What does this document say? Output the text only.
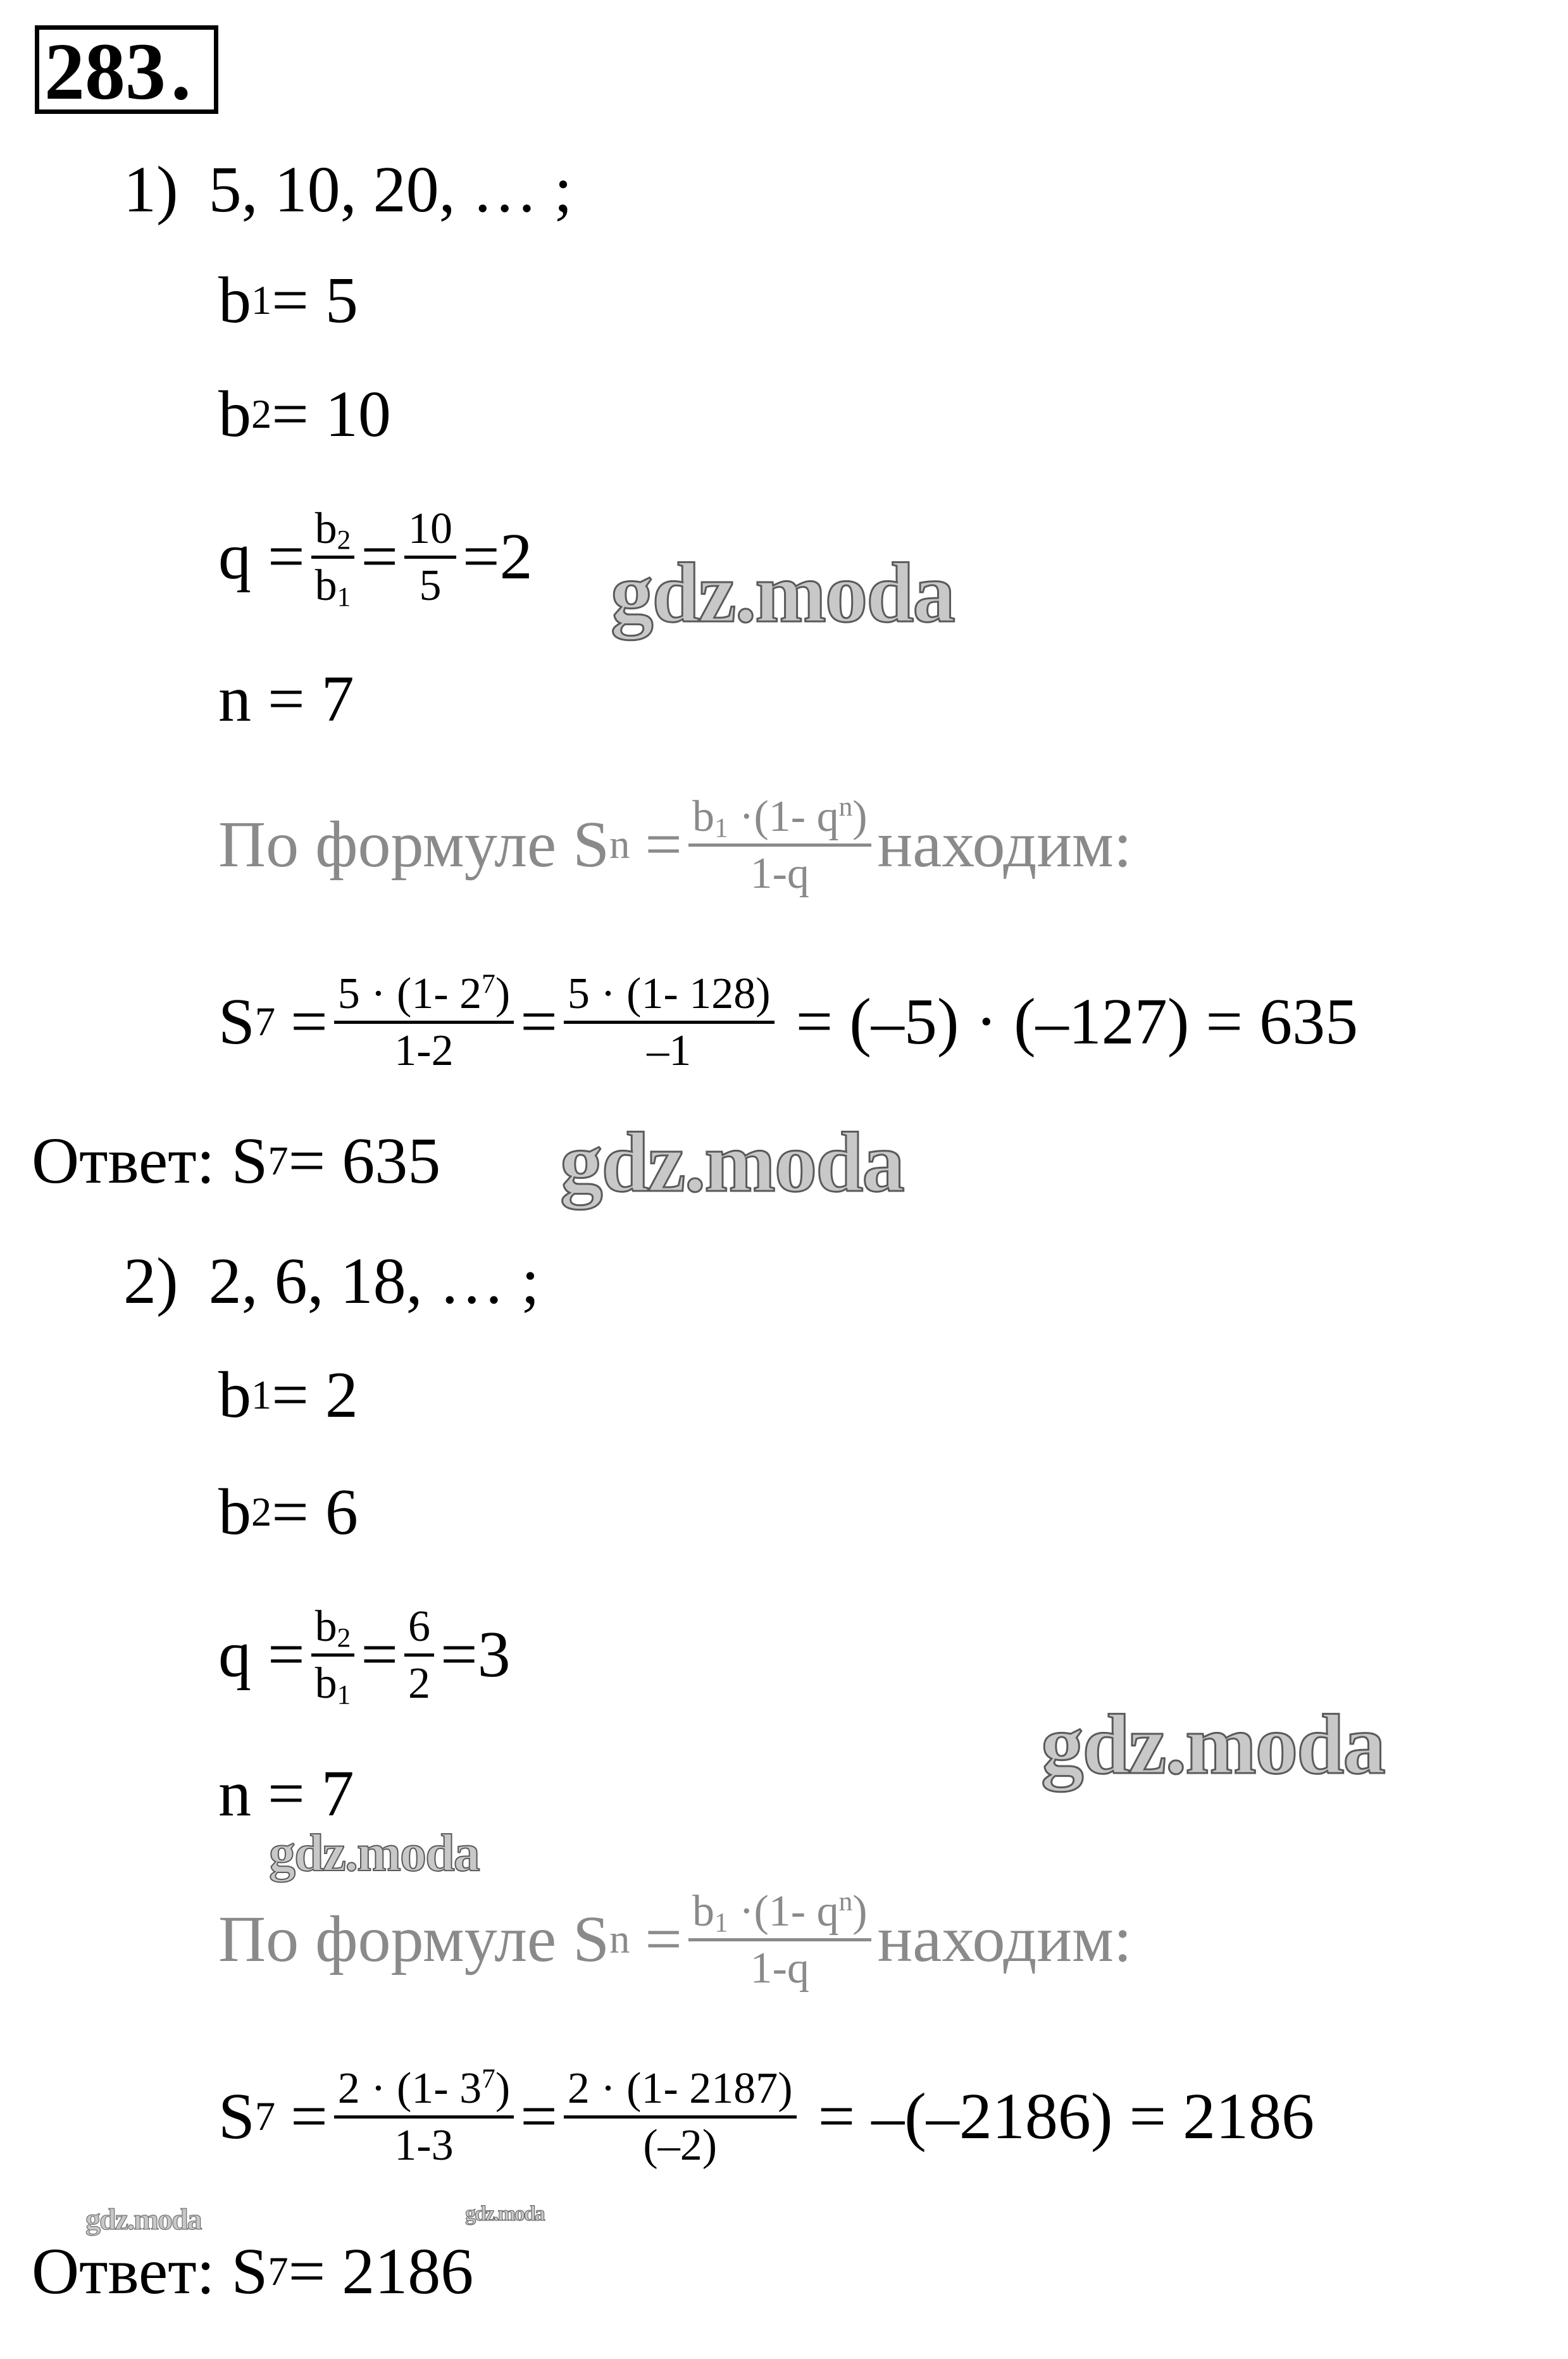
283 .
1) 5, 10, 20, … ;
b 1 = 5
b 2 = 10
$q = b_2$
$b_1$
= 10
5 =2
n = 7
По формуле S $n = b_1 \cdot(1-$ $q^n$)
1-q находим:
S 7 = 5 · (1- $2^7$)
1-2 = 5 · (1- 128)
–1 = (–5) · (–127) = 635
Ответ: S 7 = 635
2) 2, 6, 18, … ;
b 1 = 2
b 2 = 6
$q = b_2$
$b_1$
= 6
2 =3
n = 7
По формуле S $n = b_1 \cdot(1-$ $q^n$)
1-q находим:
S 7 = 2 · (1- $3^7$)
1-3 = 2 · (1- 2187)
(–2) = –(–2186) = 2186
Ответ: S 7 = 2186
gdz.moda
gdz.moda
gdz.moda
gdz.moda
gdz.moda	gdz.moda
